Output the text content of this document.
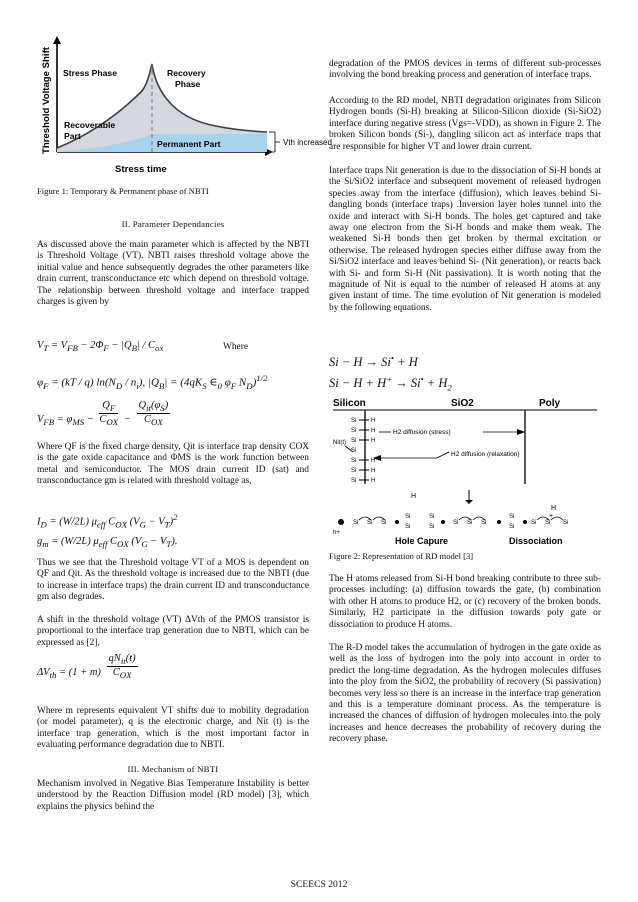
Threshold Voltage Shift Stress Phase	Recovery
Phase
Recoverable
Part
Permanent Part	Vth increased
Stress time

Figure 1: Temporary & Permanent phase of NBTI

II. Parameter Dependancies

As discussed above the main parameter which is affected by the NBTI is Threshold Voltage (VT). NBTI raises threshold voltage above the initial value and hence subsequently degrades the other parameters like drain current, transconductance etc which depend on threshold voltage. The relationship between threshold voltage and interface trapped charges is given by

$V_T = V_{FB} - 2\Phi_F - |Q_B| / C_{ox}$	Where
$\varphi_F = (kT / q)$ $\ln(N_D / n_i)$, $|Q_B| = (4qK_S$ $\in_0$ $\varphi_F$ $N_D)^{1/2}$
$V_{FB} = \varphi_{MS}$ −
$Q_F$
$C_{OX}$ −
$Q_{it}(\varphi_S)$
$C_{OX}$

Where QF is the fixed charge density, Qit is interface trap density COX is the gate oxide capacitance and ΦMS is the work function between metal and semiconductor. The MOS drain current ID (sat) and transconductance gm is related with threshold voltage as,

$I_D = (W/2L)$ $\mu_{eff}$ $C_{OX}$ $(V_G - V_T)^2$
$g_m = (W/2L)$ $\mu_{eff}$ $C_{OX}$ $(V_G - V_T)$.

Thus we see that the Threshold voltage VT of a MOS is dependent on QF and Qit. As the threshold voltage is increased due to the NBTI (due to increase in interface traps) the drain current ID and transconductance gm also degrades.

A shift in the threshold voltage (VT) ΔVth of the PMOS transistor is proportional to the interface trap generation due to NBTI, which can be expressed as [2],

$\Delta V_{th} = (1 + m)$
$qN_{it}(t)$
$C_{OX}$

Where m represents equivalent VT shifts due to mobility degradation (or model parameter), q is the electronic charge, and Nit (t) is the interface trap generation, which is the most important factor in evaluating performance degradation due to NBTI.

III. Mechanism of NBTI

Mechanism involved in Negative Bias Temperature Instability is better understood by the Reaction Diffusion model (RD model) [3], which explains the physics behind the

degradation of the PMOS devices in terms of different sub-processes involving the bond breaking process and generation of interface traps.

According to the RD model, NBTI degradation originates from Silicon Hydrogen bonds (Si-H) breaking at Silicon-Silicon dioxide (Si-SiO2) interface during negative stress (Vgs=-VDD), as shown in Figure 2. The broken Silicon bonds (Si-), dangling silicon act as interface traps that are responsible for higher VT and lower drain current.

Interface traps Nit generation is due to the dissociation of Si-H bonds at the Si/SiO2 interface and subsequent movement of released hydrogen species away from the interface (diffusion), which leaves behind Si- dangling bonds (interface traps) .Inversion layer holes tunnel into the oxide and interact with Si-H bonds. The holes get captured and take away one electron from the Si-H bonds and make them weak. The weakened Si-H bonds then get broken by thermal excitation or otherwise. The released hydrogen species either diffuse away from the Si/SiO2 interface and leaves behind Si- (Nit generation), or reacts back with Si- and form Si-H (Nit passivation). It is worth noting that the magnitude of Nit is equal to the number of released H atoms at any given instant of time. The time evolution of Nit generation is modeled by the following equations.

Si − H → Si• + H
$Si - H + H^+ \to Si^• + H_2$
Silicon	SiO2	Poly
Si H
Si H
Si H
Si
Si H
Si H
Si H
Nit(t)
H2 diffusion (stress)
H2 diffusion (relaxation)
H
H
+
h+
Si Si Si
Si
Si
Si
Si
Si Si Si
Si
Si
Si Si Si
Hole Capure	Dissociation

Figure 2: Representation of RD model [3]

The H atoms released from Si-H bond breaking contribute to three sub-processes including: (a) diffusion towards the gate, (b) combination with other H atoms to produce H2, or (c) recovery of the broken bonds. Similarly, H2 participate in the diffusion towards poly gate or dissociation to produce H atoms.

The R-D model takes the accumulation of hydrogen in the gate oxide as well as the loss of hydrogen into the poly into account in order to predict the long-time degradation. As the hydrogen molecules diffuses into the ploy from the SiO2, the probability of recovery (Si passivation) becomes very less so there is an increase in the interface trap generation and this is a temperature dominant process. As the temperature is increased the chances of diffusion of hydrogen molecules into the poly increases and hence decreases the probability of recovery during the recovery phase.

SCEECS 2012
